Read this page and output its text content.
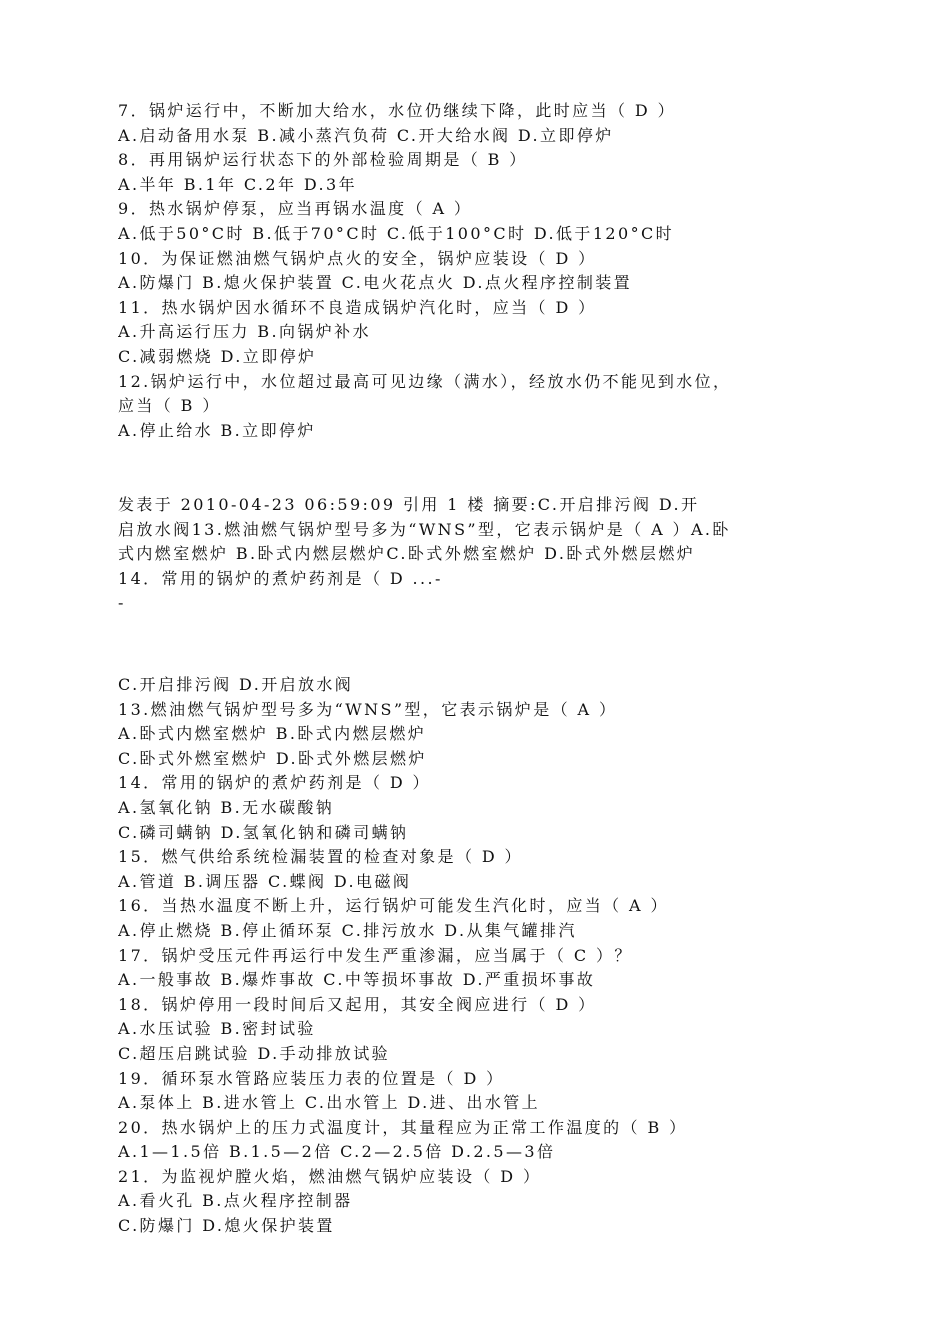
7．锅炉运行中，不断加大给水，水位仍继续下降，此时应当（ D ）
A.启动备用水泵 B.减小蒸汽负荷 C.开大给水阀 D.立即停炉
8．再用锅炉运行状态下的外部检验周期是（ B ）
A.半年 B.1年 C.2年 D.3年
9．热水锅炉停泵，应当再锅水温度（ A ）
A.低于50°C时 B.低于70°C时 C.低于100°C时 D.低于120°C时
10．为保证燃油燃气锅炉点火的安全，锅炉应装设（ D ）
A.防爆门 B.熄火保护装置 C.电火花点火 D.点火程序控制装置
11．热水锅炉因水循环不良造成锅炉汽化时，应当（ D ）
A.升高运行压力 B.向锅炉补水
C.减弱燃烧 D.立即停炉
12.锅炉运行中，水位超过最高可见边缘（满水），经放水仍不能见到水位，
应当（ B ）
A.停止给水 B.立即停炉
发表于 2010-04-23 06:59:09 引用 1 楼 摘要:C.开启排污阀 D.开
启放水阀13.燃油燃气锅炉型号多为“WNS”型，它表示锅炉是（ A ）A.卧
式内燃室燃炉 B.卧式内燃层燃炉C.卧式外燃室燃炉 D.卧式外燃层燃炉
14．常用的锅炉的煮炉药剂是（ D ...-
-
C.开启排污阀 D.开启放水阀
13.燃油燃气锅炉型号多为“WNS”型，它表示锅炉是（ A ）
A.卧式内燃室燃炉 B.卧式内燃层燃炉
C.卧式外燃室燃炉 D.卧式外燃层燃炉
14．常用的锅炉的煮炉药剂是（ D ）
A.氢氧化钠 B.无水碳酸钠
C.磷司螨钠 D.氢氧化钠和磷司螨钠
15．燃气供给系统检漏装置的检查对象是（ D ）
A.管道 B.调压器 C.蝶阀 D.电磁阀
16．当热水温度不断上升，运行锅炉可能发生汽化时，应当（ A ）
A.停止燃烧 B.停止循环泵 C.排污放水 D.从集气罐排汽
17．锅炉受压元件再运行中发生严重渗漏，应当属于（ C ）？
A.一般事故 B.爆炸事故 C.中等损坏事故 D.严重损坏事故
18．锅炉停用一段时间后又起用，其安全阀应进行（ D ）
A.水压试验 B.密封试验
C.超压启跳试验 D.手动排放试验
19．循环泵水管路应装压力表的位置是（ D ）
A.泵体上 B.进水管上 C.出水管上 D.进、出水管上
20．热水锅炉上的压力式温度计，其量程应为正常工作温度的（ B ）
A.1—1.5倍 B.1.5—2倍 C.2—2.5倍 D.2.5—3倍
21．为监视炉膛火焰，燃油燃气锅炉应装设（ D ）
A.看火孔 B.点火程序控制器
C.防爆门 D.熄火保护装置
